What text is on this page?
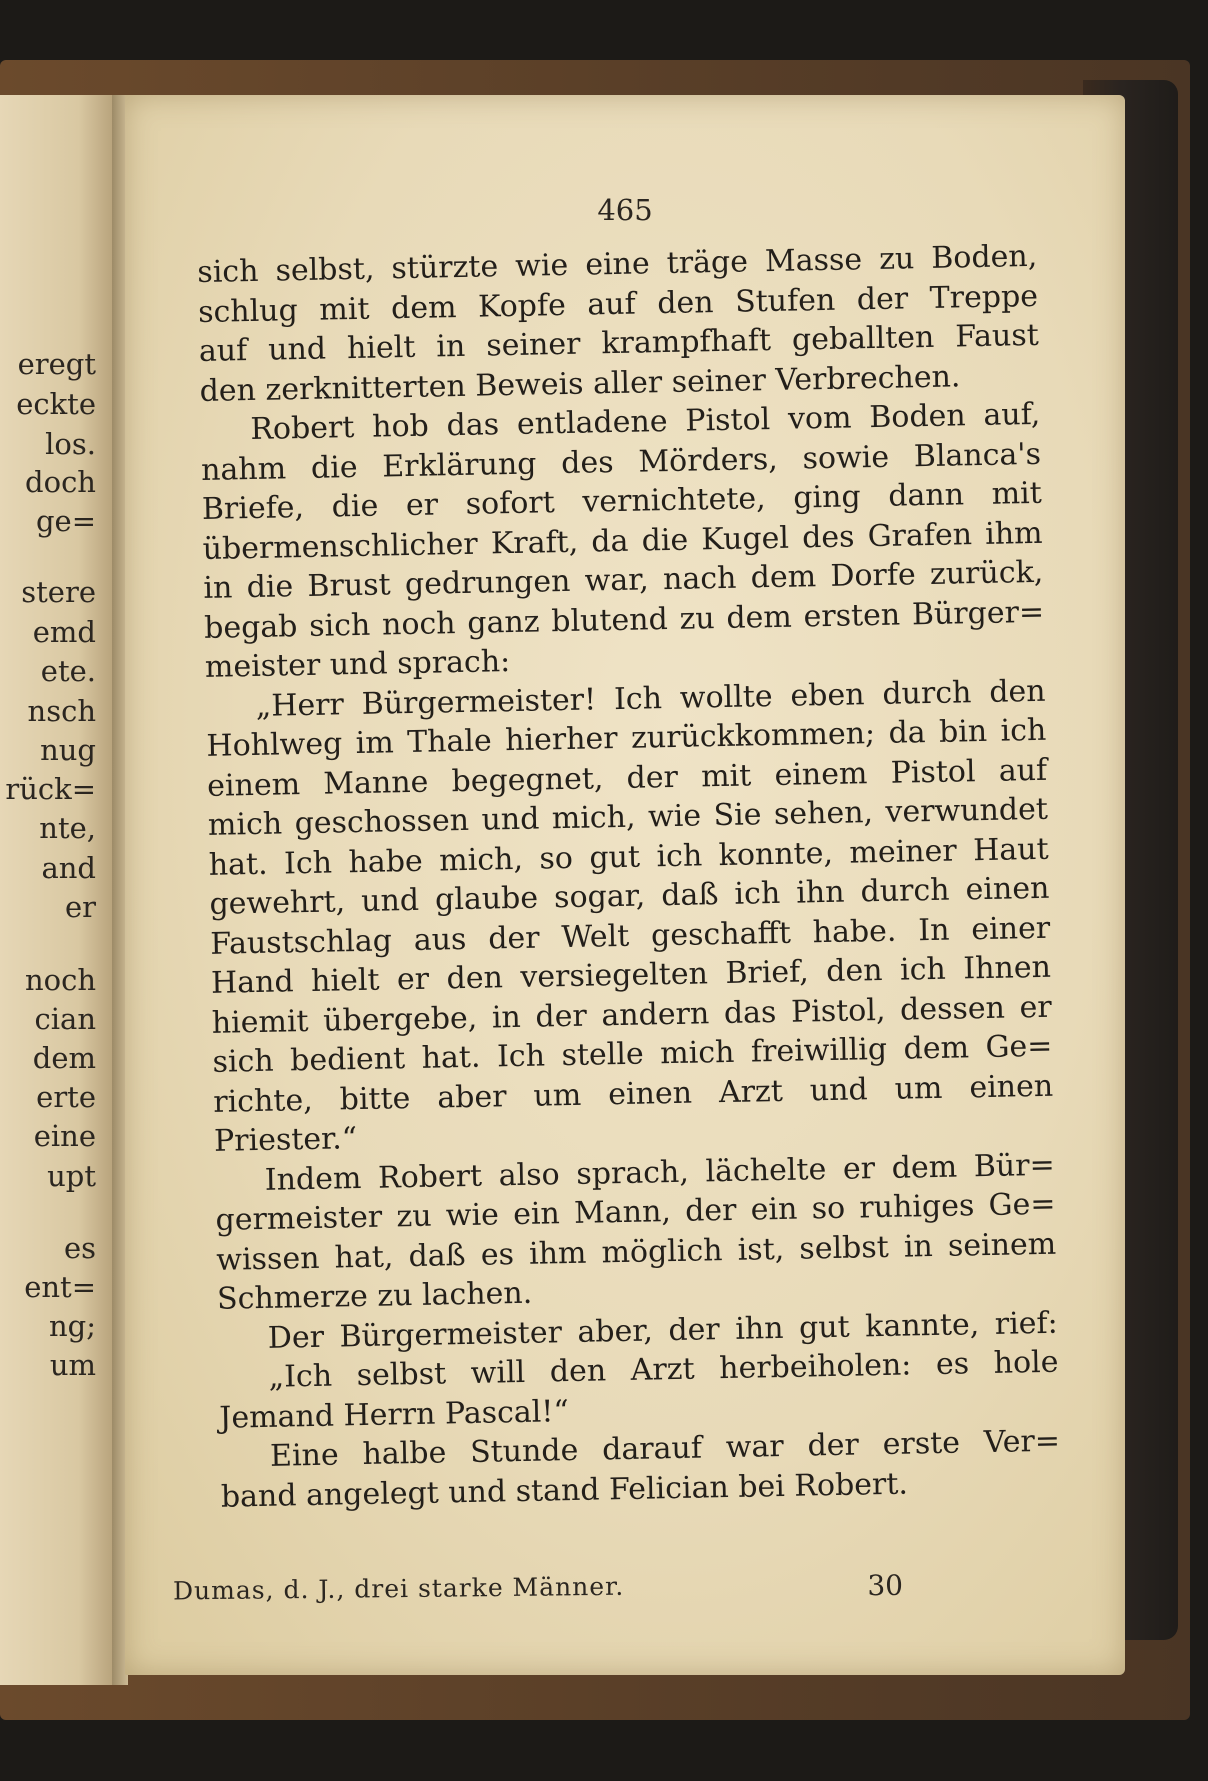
eregt
eckte
los.
doch
ge=
stere
emd
ete.
nsch
nug
rück=
nte,
and
er
noch
cian
dem
erte
eine
upt
es
ent=
ng;
um
465
sich selbst, stürzte wie eine träge Masse zu Boden,
schlug mit dem Kopfe auf den Stufen der Treppe
auf und hielt in seiner krampfhaft geballten Faust
den zerknitterten Beweis aller seiner Verbrechen.
Robert hob das entladene Pistol vom Boden auf,
nahm die Erklärung des Mörders, sowie Blanca's
Briefe, die er sofort vernichtete, ging dann mit
übermenschlicher Kraft, da die Kugel des Grafen ihm
in die Brust gedrungen war, nach dem Dorfe zurück,
begab sich noch ganz blutend zu dem ersten Bürger=
meister und sprach:
„Herr Bürgermeister! Ich wollte eben durch den
Hohlweg im Thale hierher zurückkommen; da bin ich
einem Manne begegnet, der mit einem Pistol auf
mich geschossen und mich, wie Sie sehen, verwundet
hat. Ich habe mich, so gut ich konnte, meiner Haut
gewehrt, und glaube sogar, daß ich ihn durch einen
Faustschlag aus der Welt geschafft habe. In einer
Hand hielt er den versiegelten Brief, den ich Ihnen
hiemit übergebe, in der andern das Pistol, dessen er
sich bedient hat. Ich stelle mich freiwillig dem Ge=
richte, bitte aber um einen Arzt und um einen
Priester.“
Indem Robert also sprach, lächelte er dem Bür=
germeister zu wie ein Mann, der ein so ruhiges Ge=
wissen hat, daß es ihm möglich ist, selbst in seinem
Schmerze zu lachen.
Der Bürgermeister aber, der ihn gut kannte, rief:
„Ich selbst will den Arzt herbeiholen: es hole
Jemand Herrn Pascal!“
Eine halbe Stunde darauf war der erste Ver=
band angelegt und stand Felician bei Robert.
Dumas, d. J., drei starke Männer.	30
